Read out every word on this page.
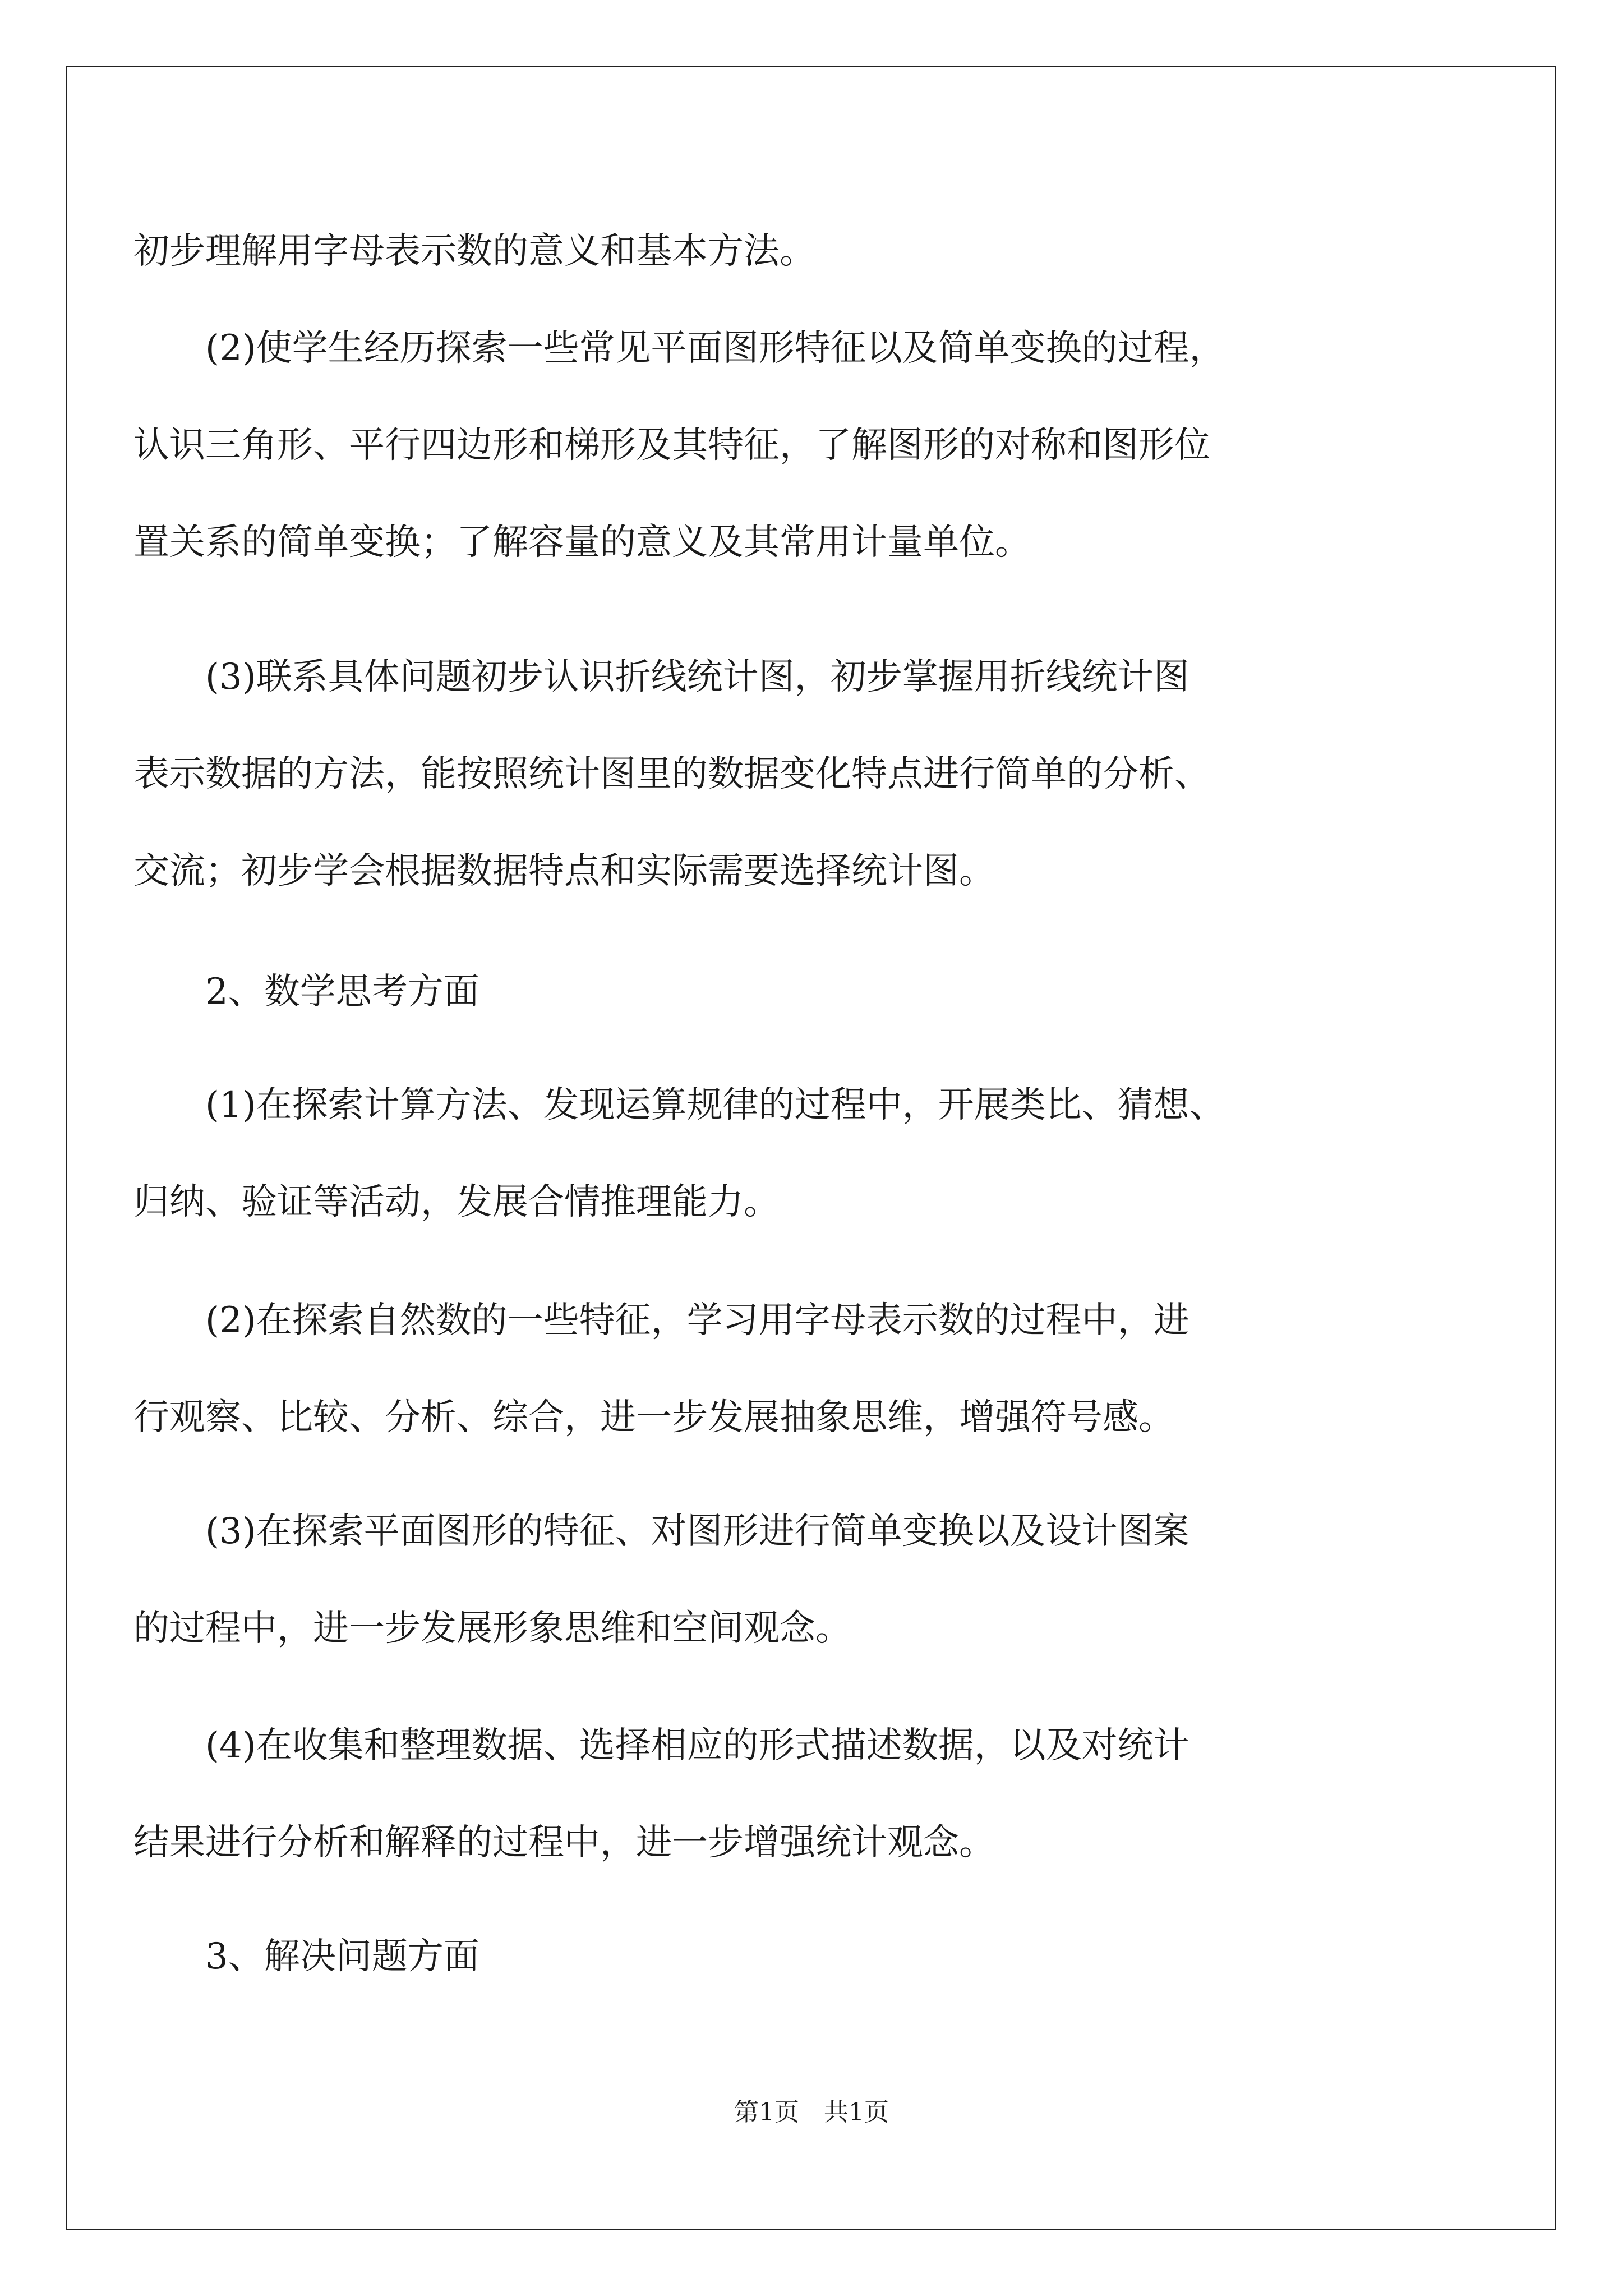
初步理解用字母表示数的意义和基本方法。
(2)使学生经历探索一些常见平面图形特征以及简单变换的过程，
认识三角形、平行四边形和梯形及其特征，了解图形的对称和图形位
置关系的简单变换；了解容量的意义及其常用计量单位。
(3)联系具体问题初步认识折线统计图，初步掌握用折线统计图
表示数据的方法，能按照统计图里的数据变化特点进行简单的分析、
交流；初步学会根据数据特点和实际需要选择统计图。
2、数学思考方面
(1)在探索计算方法、发现运算规律的过程中，开展类比、猜想、
归纳、验证等活动，发展合情推理能力。
(2)在探索自然数的一些特征，学习用字母表示数的过程中，进
行观察、比较、分析、综合，进一步发展抽象思维，增强符号感。
(3)在探索平面图形的特征、对图形进行简单变换以及设计图案
的过程中，进一步发展形象思维和空间观念。
(4)在收集和整理数据、选择相应的形式描述数据，以及对统计
结果进行分析和解释的过程中，进一步增强统计观念。
3、解决问题方面
第1页 共1页
